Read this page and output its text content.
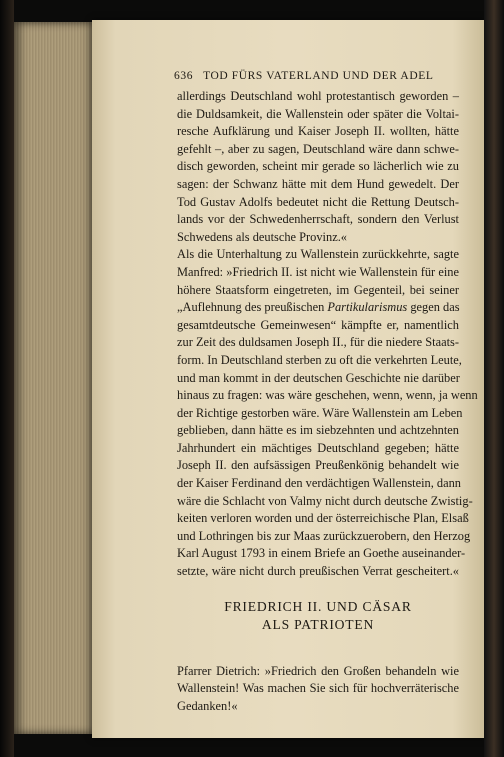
636 TOD FÜRS VATERLAND UND DER ADEL
allerdings Deutschland wohl protestantisch geworden –
die Duldsamkeit, die Wallenstein oder später die Voltai-
resche Aufklärung und Kaiser Joseph II. wollten, hätte
gefehlt –, aber zu sagen, Deutschland wäre dann schwe-
disch geworden, scheint mir gerade so lächerlich wie zu
sagen: der Schwanz hätte mit dem Hund gewedelt. Der
Tod Gustav Adolfs bedeutet nicht die Rettung Deutsch-
lands vor der Schwedenherrschaft, sondern den Verlust
Schwedens als deutsche Provinz.«
Als die Unterhaltung zu Wallenstein zurückkehrte, sagte
Manfred: »Friedrich II. ist nicht wie Wallenstein für eine
höhere Staatsform eingetreten, im Gegenteil, bei seiner
„Auflehnung des preußischen Partikularismus gegen das
gesamtdeutsche Gemeinwesen“ kämpfte er, namentlich
zur Zeit des duldsamen Joseph II., für die niedere Staats-
form. In Deutschland sterben zu oft die verkehrten Leute,
und man kommt in der deutschen Geschichte nie darüber
hinaus zu fragen: was wäre geschehen, wenn, wenn, ja wenn
der Richtige gestorben wäre. Wäre Wallenstein am Leben
geblieben, dann hätte es im siebzehnten und achtzehnten
Jahrhundert ein mächtiges Deutschland gegeben; hätte
Joseph II. den aufsässigen Preußenkönig behandelt wie
der Kaiser Ferdinand den verdächtigen Wallenstein, dann
wäre die Schlacht von Valmy nicht durch deutsche Zwistig-
keiten verloren worden und der österreichische Plan, Elsaß
und Lothringen bis zur Maas zurückzuerobern, den Herzog
Karl August 1793 in einem Briefe an Goethe auseinander-
setzte, wäre nicht durch preußischen Verrat gescheitert.«
FRIEDRICH II. UND CÄSAR
ALS PATRIOTEN
Pfarrer Dietrich: »Friedrich den Großen behandeln wie
Wallenstein! Was machen Sie sich für hochverräterische
Gedanken!«
